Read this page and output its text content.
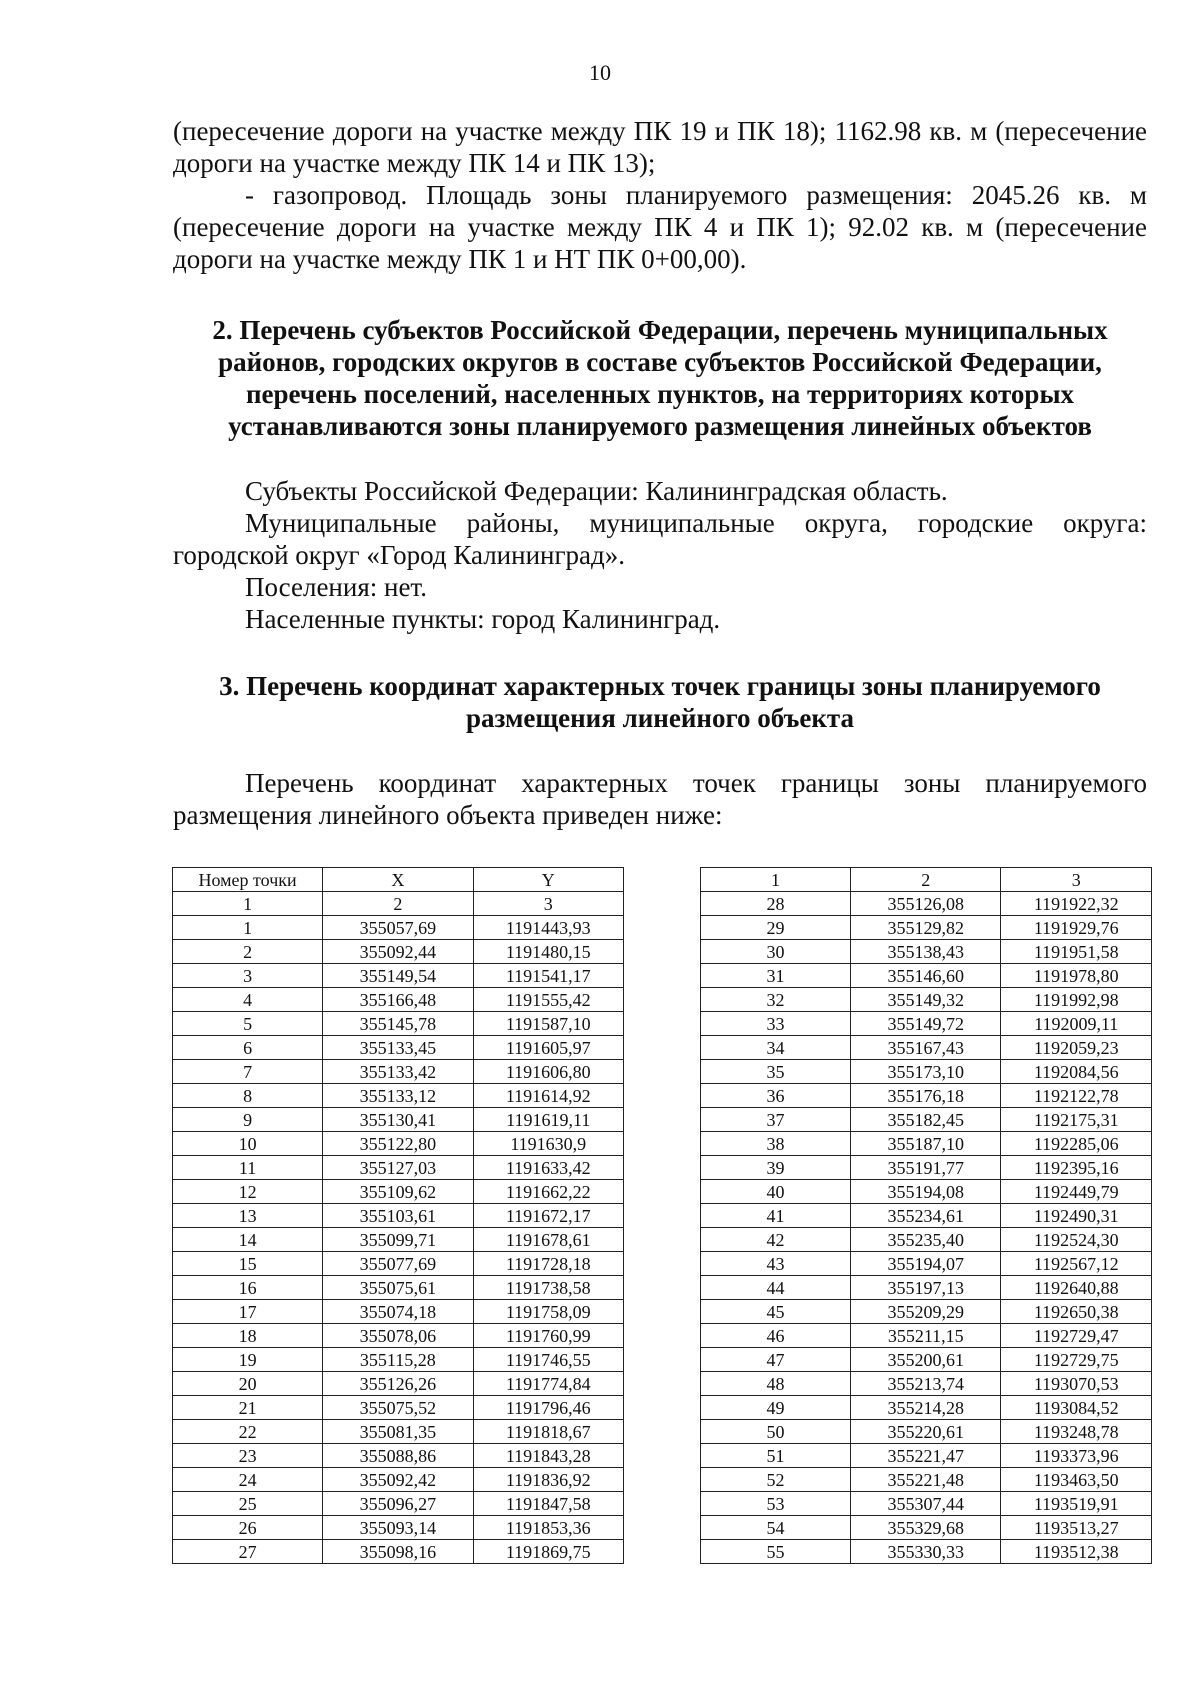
10

(пересечение дороги на участке между ПК 19 и ПК 18); 1162.98 кв. м (пересечение дороги на участке между ПК 14 и ПК 13);

- газопровод. Площадь зоны планируемого размещения: 2045.26 кв. м (пересечение дороги на участке между ПК 4 и ПК 1); 92.02 кв. м (пересечение дороги на участке между ПК 1 и НТ ПК 0+00,00).

2. Перечень субъектов Российской Федерации, перечень муниципальных
районов, городских округов в составе субъектов Российской Федерации,
перечень поселений, населенных пунктов, на территориях которых
устанавливаются зоны планируемого размещения линейных объектов

Субъекты Российской Федерации: Калининградская область.

Муниципальные районы, муниципальные округа, городские округа: городской округ «Город Калининград».

Поселения: нет.

Населенные пункты: город Калининград.

3. Перечень координат характерных точек границы зоны планируемого
размещения линейного объекта

Перечень координат характерных точек границы зоны планируемого размещения линейного объекта приведен ниже:

Номер точки	X	Y
1	2	3
1	355057,69	1191443,93
2	355092,44	1191480,15
3	355149,54	1191541,17
4	355166,48	1191555,42
5	355145,78	1191587,10
6	355133,45	1191605,97
7	355133,42	1191606,80
8	355133,12	1191614,92
9	355130,41	1191619,11
10	355122,80	1191630,9
11	355127,03	1191633,42
12	355109,62	1191662,22
13	355103,61	1191672,17
14	355099,71	1191678,61
15	355077,69	1191728,18
16	355075,61	1191738,58
17	355074,18	1191758,09
18	355078,06	1191760,99
19	355115,28	1191746,55
20	355126,26	1191774,84
21	355075,52	1191796,46
22	355081,35	1191818,67
23	355088,86	1191843,28
24	355092,42	1191836,92
25	355096,27	1191847,58
26	355093,14	1191853,36
27	355098,16	1191869,75
1	2	3
28	355126,08	1191922,32
29	355129,82	1191929,76
30	355138,43	1191951,58
31	355146,60	1191978,80
32	355149,32	1191992,98
33	355149,72	1192009,11
34	355167,43	1192059,23
35	355173,10	1192084,56
36	355176,18	1192122,78
37	355182,45	1192175,31
38	355187,10	1192285,06
39	355191,77	1192395,16
40	355194,08	1192449,79
41	355234,61	1192490,31
42	355235,40	1192524,30
43	355194,07	1192567,12
44	355197,13	1192640,88
45	355209,29	1192650,38
46	355211,15	1192729,47
47	355200,61	1192729,75
48	355213,74	1193070,53
49	355214,28	1193084,52
50	355220,61	1193248,78
51	355221,47	1193373,96
52	355221,48	1193463,50
53	355307,44	1193519,91
54	355329,68	1193513,27
55	355330,33	1193512,38
